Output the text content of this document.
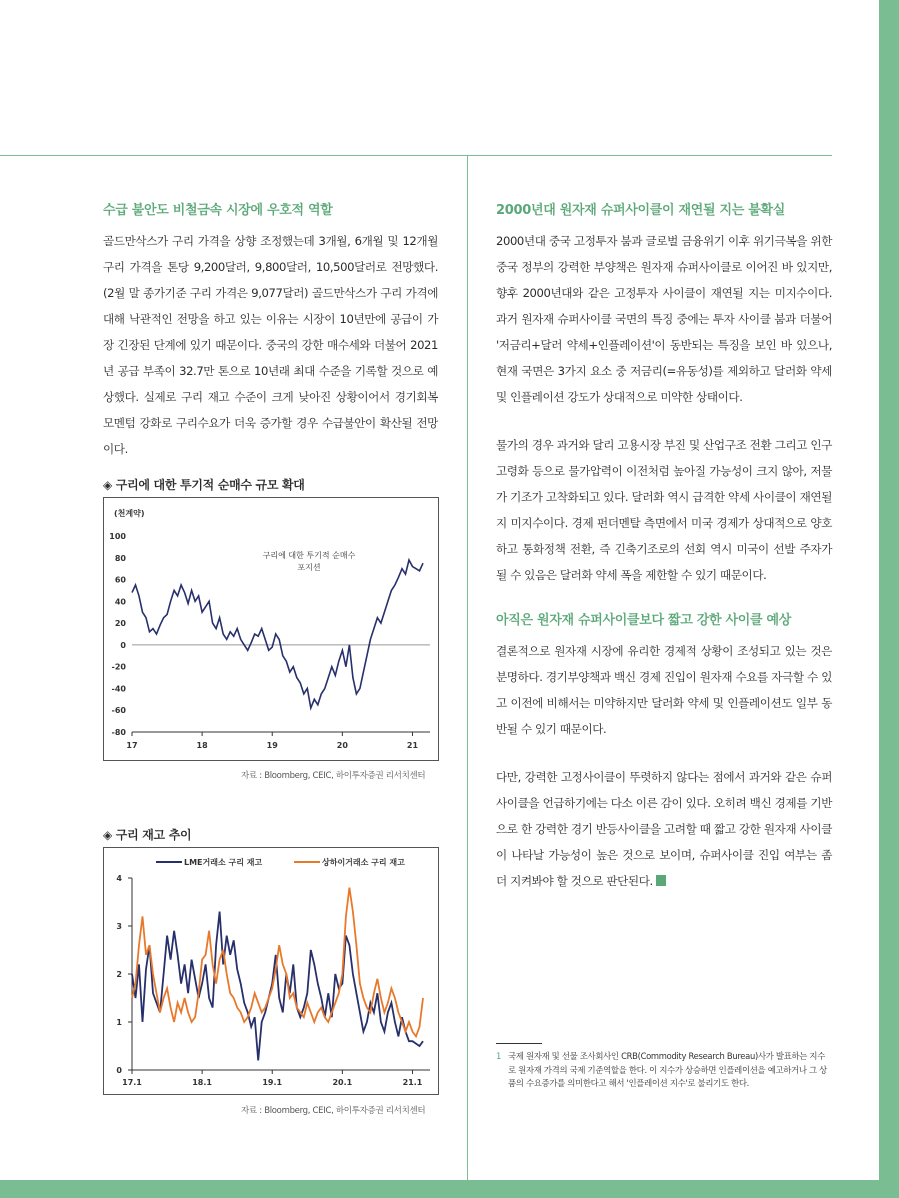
수급 불안도 비철금속 시장에 우호적 역할

골드만삭스가 구리 가격을 상향 조정했는데 3개월, 6개월 및 12개월 구리 가격을 톤당 9,200달러, 9,800달러, 10,500달러로 전망했다. (2월 말 종가기준 구리 가격은 9,077달러) 골드만삭스가 구리 가격에 대해 낙관적인 전망을 하고 있는 이유는 시장이 10년만에 공급이 가장 긴장된 단계에 있기 때문이다. 중국의 강한 매수세와 더불어 2021년 공급 부족이 32.7만 톤으로 10년래 최대 수준을 기록할 것으로 예상했다. 실제로 구리 재고 수준이 크게 낮아진 상황이어서 경기회복 모멘텀 강화로 구리수요가 더욱 증가할 경우 수급불안이 확산될 전망이다.

◈ 구리에 대한 투기적 순매수 규모 확대
(천계약)
100
80
60
40
20
0
-20
-40
-60
-80
17	18	19	20	21
구리에 대한 투기적 순매수
포지션
자료 : Bloomberg, CEIC, 하이투자증권 리서치센터
◈ 구리 재고 추이
LME거래소 구리 재고	상하이거래소 구리 재고
4
3
2
1
0
17.1	18.1	19.1	20.1	21.1
자료 : Bloomberg, CEIC, 하이투자증권 리서치센터
2000년대 원자재 슈퍼사이클이 재연될 지는 불확실

2000년대 중국 고정투자 붐과 글로벌 금융위기 이후 위기극복을 위한 중국 정부의 강력한 부양책은 원자재 슈퍼사이클로 이어진 바 있지만, 향후 2000년대와 같은 고정투자 사이클이 재연될 지는 미지수이다. 과거 원자재 슈퍼사이클 국면의 특징 중에는 투자 사이클 붐과 더불어 '저금리+달러 약세+인플레이션'이 동반되는 특징을 보인 바 있으나, 현재 국면은 3가지 요소 중 저금리(=유동성)를 제외하고 달러화 약세 및 인플레이션 강도가 상대적으로 미약한 상태이다.

물가의 경우 과거와 달리 고용시장 부진 및 산업구조 전환 그리고 인구 고령화 등으로 물가압력이 이전처럼 높아질 가능성이 크지 않아, 저물가 기조가 고착화되고 있다. 달러화 역시 급격한 약세 사이클이 재연될지 미지수이다. 경제 펀더멘탈 측면에서 미국 경제가 상대적으로 양호하고 통화정책 전환, 즉 긴축기조로의 선회 역시 미국이 선발 주자가 될 수 있음은 달러화 약세 폭을 제한할 수 있기 때문이다.

아직은 원자재 슈퍼사이클보다 짧고 강한 사이클 예상

결론적으로 원자재 시장에 유리한 경제적 상황이 조성되고 있는 것은 분명하다. 경기부양책과 백신 경제 진입이 원자재 수요를 자극할 수 있고 이전에 비해서는 미약하지만 달러화 약세 및 인플레이션도 일부 동반될 수 있기 때문이다.

다만, 강력한 고정사이클이 뚜렷하지 않다는 점에서 과거와 같은 슈퍼사이클을 언급하기에는 다소 이른 감이 있다. 오히려 백신 경제를 기반으로 한 강력한 경기 반등사이클을 고려할 때 짧고 강한 원자재 사이클이 나타날 가능성이 높은 것으로 보이며, 슈퍼사이클 진입 여부는 좀 더 지켜봐야 할 것으로 판단된다.

1 국제 원자재 및 선물 조사회사인 CRB(Commodity Research Bureau)사가 발표하는 지수로 원자재 가격의 국제 기준역할을 한다. 이 지수가 상승하면 인플레이션을 예고하거나 그 상품의 수요증가를 의미한다고 해서 '인플레이션 지수'로 불리기도 한다.
